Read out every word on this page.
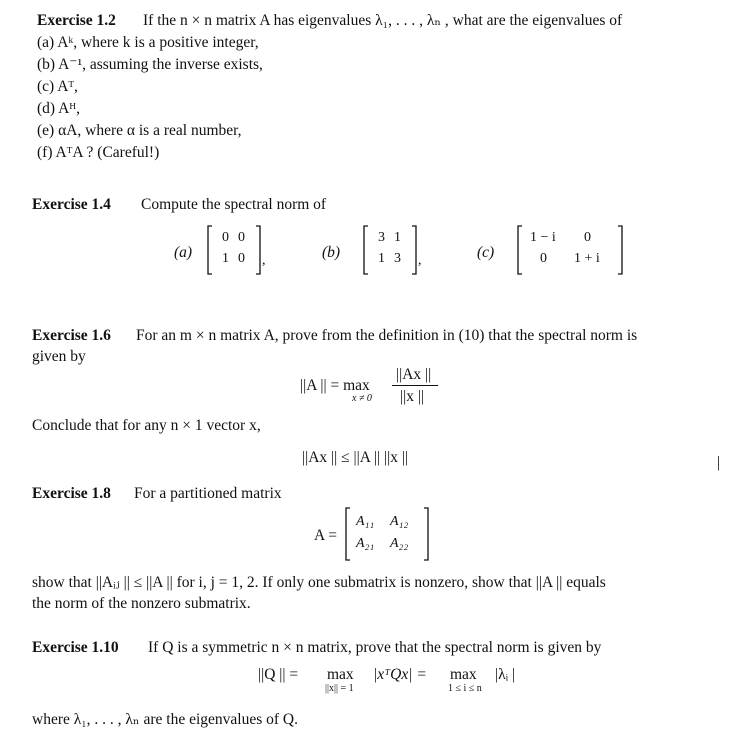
Exercise 1.2 If the n × n matrix A has eigenvalues λ₁, . . . , λₙ , what are the eigenvalues of
(a) Aᵏ, where k is a positive integer,
(b) A⁻¹, assuming the inverse exists,
(c) Aᵀ,
(d) Aᴴ,
(e) αA, where α is a real number,
(f) AᵀA ? (Careful!)
Exercise 1.4 Compute the spectral norm of
(a)
0 0
1 0 ,	(b)
3 1
1 3 ,	(c)
1 − i 0
0 1 + i
Exercise 1.6 For an m × n matrix A, prove from the definition in (10) that the spectral norm is
given by
||A || = max
x ≠ 0
||Ax ||
||x ||
Conclude that for any n × 1 vector x,
||Ax || ≤ ||A || ||x ||	|
Exercise 1.8 For a partitioned matrix
A =
A₁₁ A₁₂
A₂₁ A₂₂
show that ||Aᵢⱼ || ≤ ||A || for i, j = 1, 2. If only one submatrix is nonzero, show that ||A || equals
the norm of the nonzero submatrix.
Exercise 1.10 If Q is a symmetric n × n matrix, prove that the spectral norm is given by
||Q || = max
||x|| = 1
|xᵀQx| = max
1 ≤ i ≤ n
|λᵢ |
where λ₁, . . . , λₙ are the eigenvalues of Q.
